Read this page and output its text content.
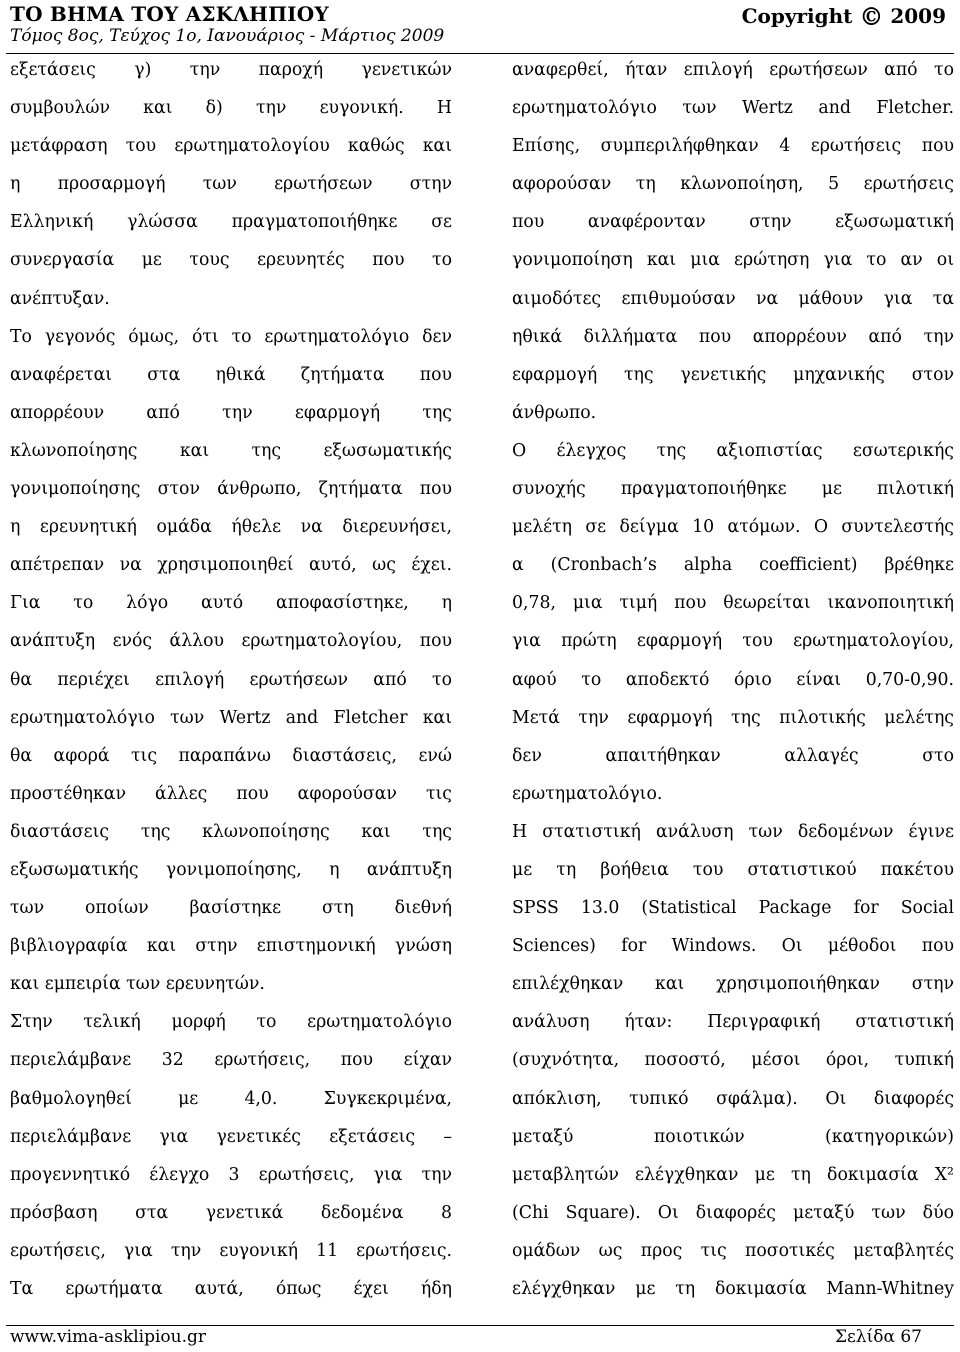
ΤΟ ΒΗΜΑ ΤΟΥ ΑΣΚΛΗΠΙΟΥ	Copyright © 2009
Τόμος 8ος, Τεύχος 1ο, Ιανουάριος - Μάρτιος 2009
εξετάσεις γ) την παροχή γενετικών
συμβουλών και δ) την ευγονική. Η
μετάφραση του ερωτηματολογίου καθώς και
η προσαρμογή των ερωτήσεων στην
Ελληνική γλώσσα πραγματοποιήθηκε σε
συνεργασία με τους ερευνητές που το
ανέπτυξαν.
Το γεγονός όμως, ότι το ερωτηματολόγιο δεν
αναφέρεται στα ηθικά ζητήματα που
απορρέουν από την εφαρμογή της
κλωνοποίησης και της εξωσωματικής
γονιμοποίησης στον άνθρωπο, ζητήματα που
η ερευνητική ομάδα ήθελε να διερευνήσει,
απέτρεπαν να χρησιμοποιηθεί αυτό, ως έχει.
Για το λόγο αυτό αποφασίστηκε, η
ανάπτυξη ενός άλλου ερωτηματολογίου, που
θα περιέχει επιλογή ερωτήσεων από το
ερωτηματολόγιο των Wertz and Fletcher και
θα αφορά τις παραπάνω διαστάσεις, ενώ
προστέθηκαν άλλες που αφορούσαν τις
διαστάσεις της κλωνοποίησης και της
εξωσωματικής γονιμοποίησης, η ανάπτυξη
των οποίων βασίστηκε στη διεθνή
βιβλιογραφία και στην επιστημονική γνώση
και εμπειρία των ερευνητών.
Στην τελική μορφή το ερωτηματολόγιο
περιελάμβανε 32 ερωτήσεις, που είχαν
βαθμολογηθεί με 4,0. Συγκεκριμένα,
περιελάμβανε για γενετικές εξετάσεις –
προγεννητικό έλεγχο 3 ερωτήσεις, για την
πρόσβαση στα γενετικά δεδομένα 8
ερωτήσεις, για την ευγονική 11 ερωτήσεις.
Τα ερωτήματα αυτά, όπως έχει ήδη
αναφερθεί, ήταν επιλογή ερωτήσεων από το
ερωτηματολόγιο των Wertz and Fletcher.
Επίσης, συμπεριλήφθηκαν 4 ερωτήσεις που
αφορούσαν τη κλωνοποίηση, 5 ερωτήσεις
που αναφέρονταν στην εξωσωματική
γονιμοποίηση και μια ερώτηση για το αν οι
αιμοδότες επιθυμούσαν να μάθουν για τα
ηθικά διλλήματα που απορρέουν από την
εφαρμογή της γενετικής μηχανικής στον
άνθρωπο.
Ο έλεγχος της αξιοπιστίας εσωτερικής
συνοχής πραγματοποιήθηκε με πιλοτική
μελέτη σε δείγμα 10 ατόμων. Ο συντελεστής
α (Cronbach’s alpha coefficient) βρέθηκε
0,78, μια τιμή που θεωρείται ικανοποιητική
για πρώτη εφαρμογή του ερωτηματολογίου,
αφού το αποδεκτό όριο είναι 0,70-0,90.
Μετά την εφαρμογή της πιλοτικής μελέτης
δεν απαιτήθηκαν αλλαγές στο
ερωτηματολόγιο.
Η στατιστική ανάλυση των δεδομένων έγινε
με τη βοήθεια του στατιστικού πακέτου
SPSS 13.0 (Statistical Package for Social
Sciences) for Windows. Οι μέθοδοι που
επιλέχθηκαν και χρησιμοποιήθηκαν στην
ανάλυση ήταν: Περιγραφική στατιστική
(συχνότητα, ποσοστό, μέσοι όροι, τυπική
απόκλιση, τυπικό σφάλμα). Οι διαφορές
μεταξύ ποιοτικών (κατηγορικών)
μεταβλητών ελέγχθηκαν με τη δοκιμασία Χ²
(Chi Square). Οι διαφορές μεταξύ των δύο
ομάδων ως προς τις ποσοτικές μεταβλητές
ελέγχθηκαν με τη δοκιμασία Mann-Whitney
www.vima-asklipiou.gr	Σελίδα 67
